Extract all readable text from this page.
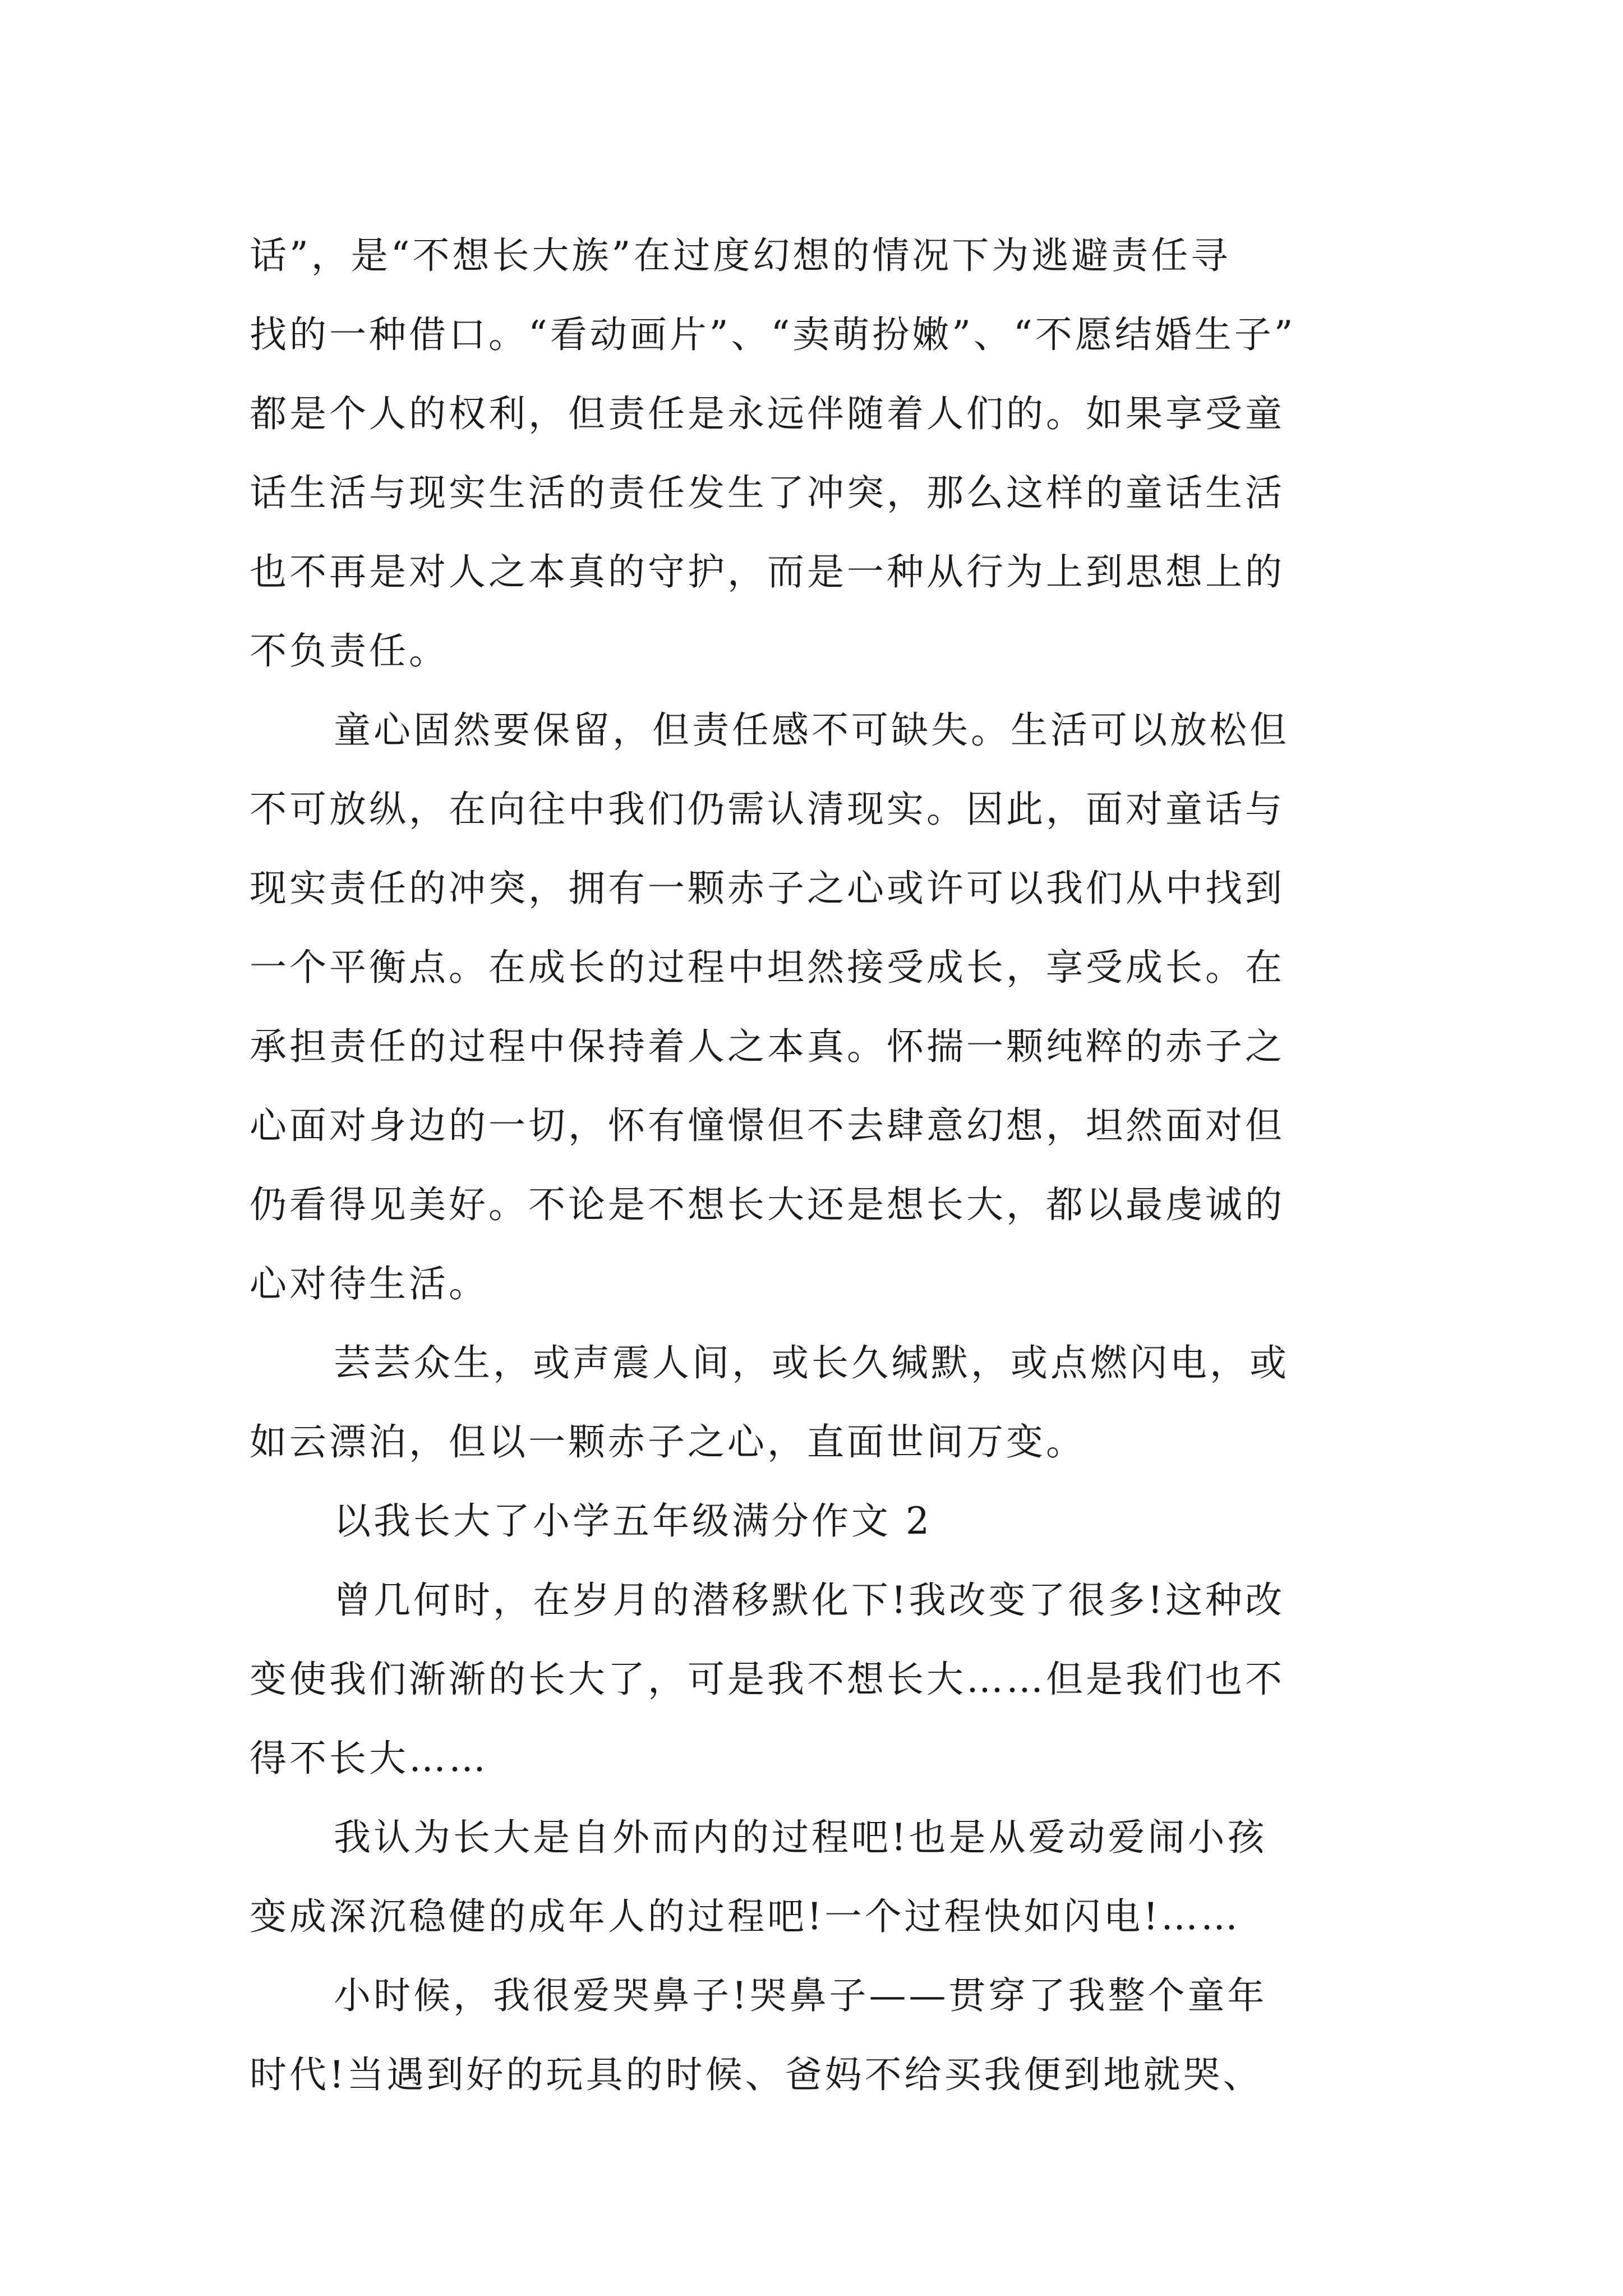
话”，是“不想长大族”在过度幻想的情况下为逃避责任寻
找的一种借口。“看动画片”、“卖萌扮嫩”、“不愿结婚生子”
都是个人的权利，但责任是永远伴随着人们的。如果享受童
话生活与现实生活的责任发生了冲突，那么这样的童话生活
也不再是对人之本真的守护，而是一种从行为上到思想上的
不负责任。
童心固然要保留，但责任感不可缺失。生活可以放松但
不可放纵，在向往中我们仍需认清现实。因此，面对童话与
现实责任的冲突，拥有一颗赤子之心或许可以我们从中找到
一个平衡点。在成长的过程中坦然接受成长，享受成长。在
承担责任的过程中保持着人之本真。怀揣一颗纯粹的赤子之
心面对身边的一切，怀有憧憬但不去肆意幻想，坦然面对但
仍看得见美好。不论是不想长大还是想长大，都以最虔诚的
心对待生活。
芸芸众生，或声震人间，或长久缄默，或点燃闪电，或
如云漂泊，但以一颗赤子之心，直面世间万变。
以我长大了小学五年级满分作文 2
曾几何时，在岁月的潜移默化下!我改变了很多!这种改
变使我们渐渐的长大了，可是我不想长大……但是我们也不
得不长大……
我认为长大是自外而内的过程吧!也是从爱动爱闹小孩
变成深沉稳健的成年人的过程吧!一个过程快如闪电!……
小时候，我很爱哭鼻子!哭鼻子——贯穿了我整个童年
时代!当遇到好的玩具的时候、爸妈不给买我便到地就哭、
